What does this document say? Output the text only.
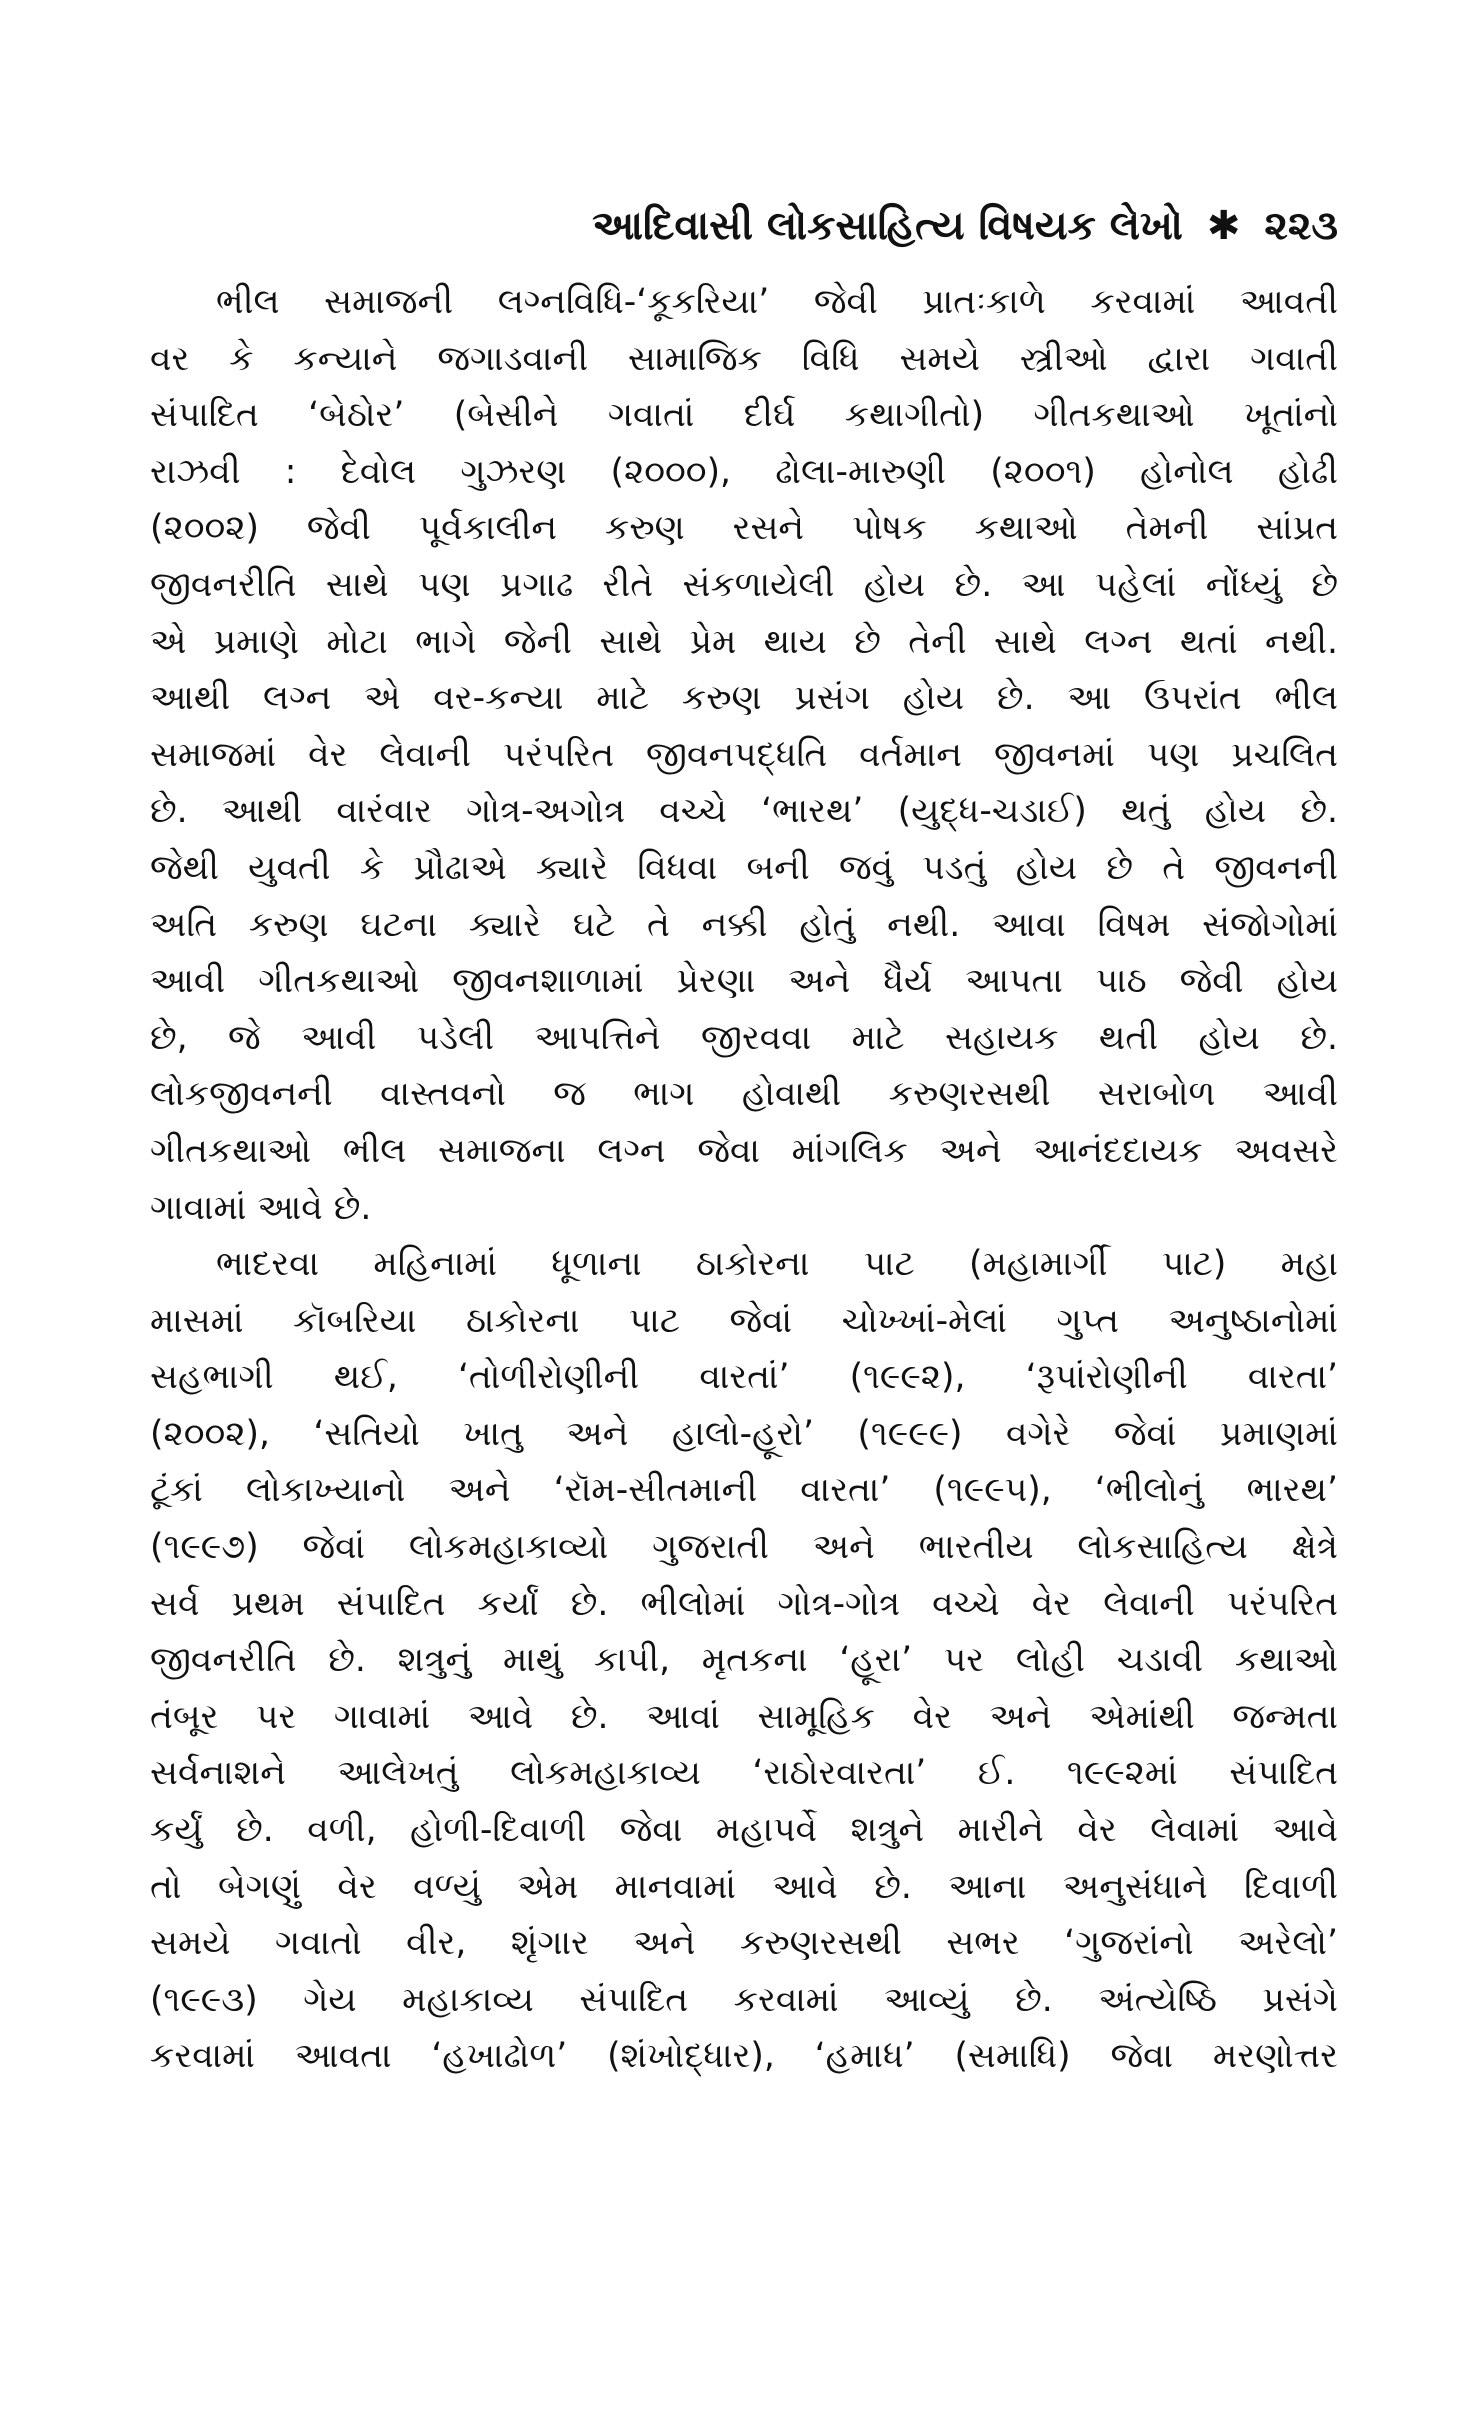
આદિવાસી લોકસાહિત્ય વિષયક લેખો ✱ ૨૨૩

ભીલ સમાજની લગ્નવિધિ-‘કૂકરિયા’ જેવી પ્રાતઃકાળે કરવામાં આવતી
વર કે કન્યાને જગાડવાની સામાજિક વિધિ સમયે સ્ત્રીઓ દ્વારા ગવાતી
સંપાદિત ‘બેઠોર’ (બેસીને ગવાતાં દીર્ઘ કથાગીતો) ગીતકથાઓ ખૂતાંનો
રાઝવી : દેવોલ ગુઝરણ (૨૦૦૦), ઢોલા-મારુણી (૨૦૦૧) હોનોલ હોઢી
(૨૦૦૨) જેવી પૂર્વકાલીન કરુણ રસને પોષક કથાઓ તેમની સાંપ્રત
જીવનરીતિ સાથે પણ પ્રગાઢ રીતે સંકળાયેલી હોય છે. આ પહેલાં નોંધ્યું છે
એ પ્રમાણે મોટા ભાગે જેની સાથે પ્રેમ થાય છે તેની સાથે લગ્ન થતાં નથી.
આથી લગ્ન એ વર-કન્યા માટે કરુણ પ્રસંગ હોય છે. આ ઉપરાંત ભીલ
સમાજમાં વેર લેવાની પરંપરિત જીવનપદ્ધતિ વર્તમાન જીવનમાં પણ પ્રચલિત
છે. આથી વારંવાર ગોત્ર-અગોત્ર વચ્ચે ‘ભારથ’ (યુદ્ધ-ચડાઈ) થતું હોય છે.
જેથી યુવતી કે પ્રૌઢાએ ક્યારે વિધવા બની જવું પડતું હોય છે તે જીવનની
અતિ કરુણ ઘટના ક્યારે ઘટે તે નક્કી હોતું નથી. આવા વિષમ સંજોગોમાં
આવી ગીતકથાઓ જીવનશાળામાં પ્રેરણા અને ધૈર્ય આપતા પાઠ જેવી હોય
છે, જે આવી પડેલી આપત્તિને જીરવવા માટે સહાયક થતી હોય છે.
લોકજીવનની વાસ્તવનો જ ભાગ હોવાથી કરુણરસથી સરાબોળ આવી
ગીતકથાઓ ભીલ સમાજના લગ્ન જેવા માંગલિક અને આનંદદાયક અવસરે
ગાવામાં આવે છે.

ભાદરવા મહિનામાં ધૂળાના ઠાકોરના પાટ (મહામાર્ગી પાટ) મહા
માસમાં કૉબરિયા ઠાકોરના પાટ જેવાં ચોખ્ખાં-મેલાં ગુપ્ત અનુષ્ઠાનોમાં
સહભાગી થઈ, ‘તોળીરોણીની વારતાં’ (૧૯૯૨), ‘રૂપાંરોણીની વારતા’
(૨૦૦૨), ‘સતિયો ખાતુ અને હાલો-હૂરો’ (૧૯૯૯) વગેરે જેવાં પ્રમાણમાં
ટૂંકાં લોકાખ્યાનો અને ‘રૉમ-સીતમાની વારતા’ (૧૯૯૫), ‘ભીલોનું ભારથ’
(૧૯૯૭) જેવાં લોકમહાકાવ્યો ગુજરાતી અને ભારતીય લોકસાહિત્ય ક્ષેત્રે
સર્વ પ્રથમ સંપાદિત કર્યાં છે. ભીલોમાં ગોત્ર-ગોત્ર વચ્ચે વેર લેવાની પરંપરિત
જીવનરીતિ છે. શત્રુનું માથું કાપી, મૃતકના ‘હૂરા’ પર લોહી ચડાવી કથાઓ
તંબૂર પર ગાવામાં આવે છે. આવાં સામૂહિક વેર અને એમાંથી જન્મતા
સર્વનાશને આલેખતું લોકમહાકાવ્ય ‘રાઠોરવારતા’ ઈ. ૧૯૯૨માં સંપાદિત
કર્યું છે. વળી, હોળી-દિવાળી જેવા મહાપર્વે શત્રુને મારીને વેર લેવામાં આવે
તો બેગણું વેર વળ્યું એમ માનવામાં આવે છે. આના અનુસંધાને દિવાળી
સમયે ગવાતો વીર, શૃંગાર અને કરુણરસથી સભર ‘ગુજરાંનો અરેલો’
(૧૯૯૩) ગેય મહાકાવ્ય સંપાદિત કરવામાં આવ્યું છે. અંત્યેષ્ઠિ પ્રસંગે
કરવામાં આવતા ‘હખાઢોળ’ (શંખોદ્ધાર), ‘હમાધ’ (સમાધિ) જેવા મરણોત્તર
